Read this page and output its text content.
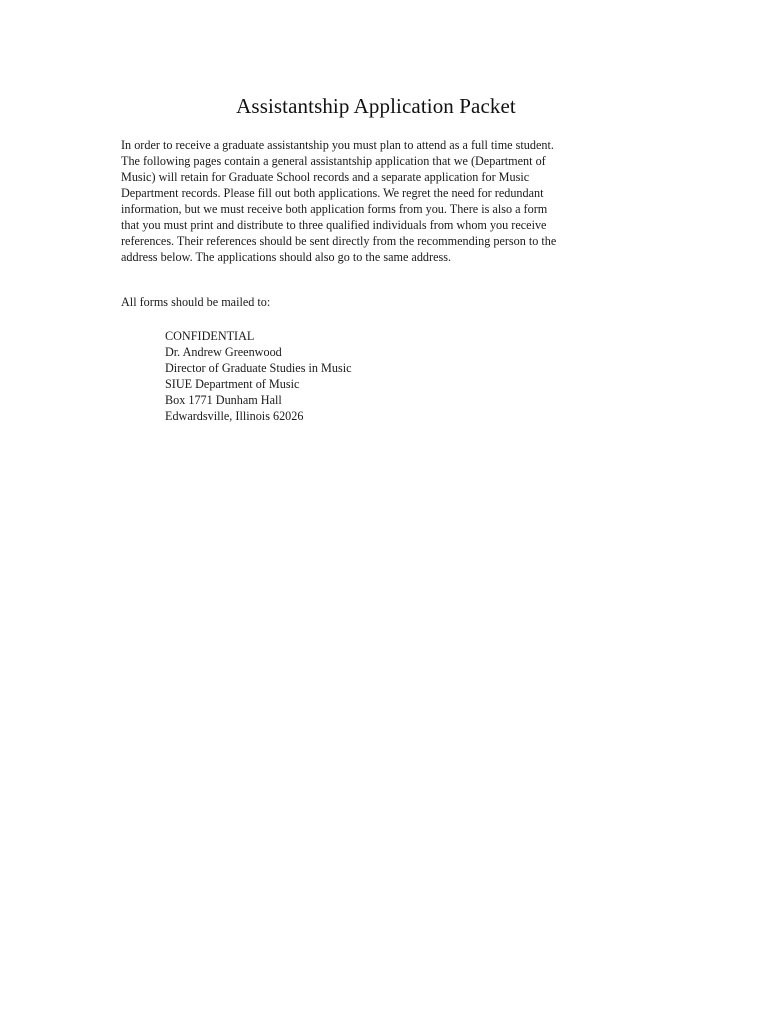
Assistantship Application Packet
In order to receive a graduate assistantship you must plan to attend as a full time student.
The following pages contain a general assistantship application that we (Department of
Music) will retain for Graduate School records and a separate application for Music
Department records. Please fill out both applications. We regret the need for redundant
information, but we must receive both application forms from you. There is also a form
that you must print and distribute to three qualified individuals from whom you receive
references. Their references should be sent directly from the recommending person to the
address below. The applications should also go to the same address.
All forms should be mailed to:
CONFIDENTIAL
Dr. Andrew Greenwood
Director of Graduate Studies in Music
SIUE Department of Music
Box 1771 Dunham Hall
Edwardsville, Illinois 62026
